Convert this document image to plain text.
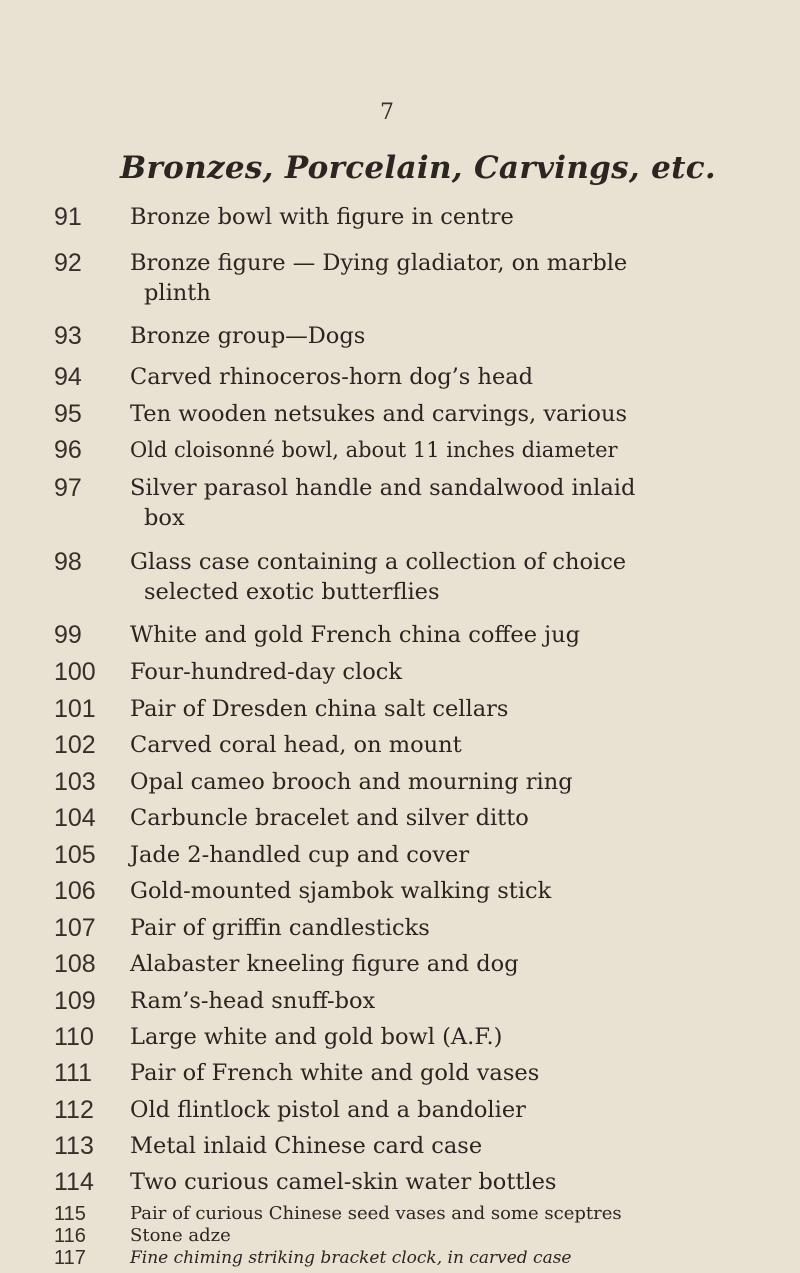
7
Bronzes, Porcelain, Carvings, etc.
91	Bronze bowl with figure in centre
92	Bronze figure — Dying gladiator, on marble
plinth
93	Bronze group—Dogs
94	Carved rhinoceros-horn dog’s head
95	Ten wooden netsukes and carvings, various
96	Old cloisonné bowl, about 11 inches diameter
97	Silver parasol handle and sandalwood inlaid
box
98	Glass case containing a collection of choice
selected exotic butterflies
99	White and gold French china coffee jug
100	Four-hundred-day clock
101	Pair of Dresden china salt cellars
102	Carved coral head, on mount
103	Opal cameo brooch and mourning ring
104	Carbuncle bracelet and silver ditto
105	Jade 2-handled cup and cover
106	Gold-mounted sjambok walking stick
107	Pair of griffin candlesticks
108	Alabaster kneeling figure and dog
109	Ram’s-head snuff-box
110	Large white and gold bowl (A.F.)
111	Pair of French white and gold vases
112	Old flintlock pistol and a bandolier
113	Metal inlaid Chinese card case
114	Two curious camel-skin water bottles
115	Pair of curious Chinese seed vases and some sceptres
116	Stone adze
117	Fine chiming striking bracket clock, in carved case
